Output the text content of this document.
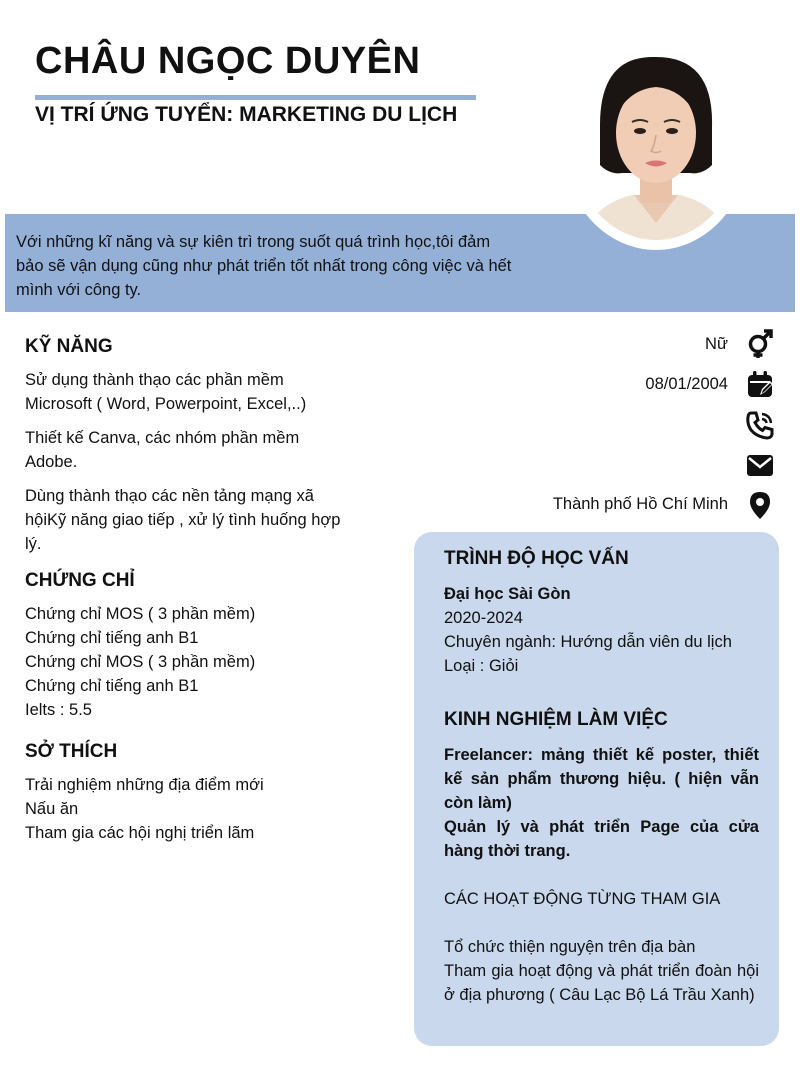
CHÂU NGỌC DUYÊN
VỊ TRÍ ỨNG TUYỂN: MARKETING DU LỊCH
Với những kĩ năng và sự kiên trì trong suốt quá trình học,tôi đảm bảo sẽ vận dụng cũng như phát triển tốt nhất trong công việc và hết mình với công ty.
KỸ NĂNG
Sử dụng thành thạo các phần mềm Microsoft ( Word, Powerpoint, Excel,..)
Thiết kế Canva, các nhóm phần mềm Adobe.
Dùng thành thạo các nền tảng mạng xã hộiKỹ năng giao tiếp , xử lý tình huống hợp lý.
CHỨNG CHỈ
Chứng chỉ MOS ( 3 phần mềm)
Chứng chỉ tiếng anh B1
Chứng chỉ MOS ( 3 phần mềm)
Chứng chỉ tiếng anh B1
Ielts : 5.5
SỞ THÍCH
Trải nghiệm những địa điểm mới
Nấu ăn
Tham gia các hội nghị triển lãm
Nữ
08/01/2004
Thành phố Hồ Chí Minh
TRÌNH ĐỘ HỌC VẤN
Đại học Sài Gòn
2020-2024
Chuyên ngành: Hướng dẫn viên du lịch
Loại : Giỏi
KINH NGHIỆM LÀM VIỆC
Freelancer: mảng thiết kế poster, thiết kế sản phẩm thương hiệu. ( hiện vẫn còn làm)
Quản lý và phát triển Page của cửa hàng thời trang.
CÁC HOẠT ĐỘNG TỪNG THAM GIA
Tổ chức thiện nguyện trên địa bàn
Tham gia hoạt động và phát triển đoàn hội ở địa phương ( Câu Lạc Bộ Lá Trầu Xanh)
